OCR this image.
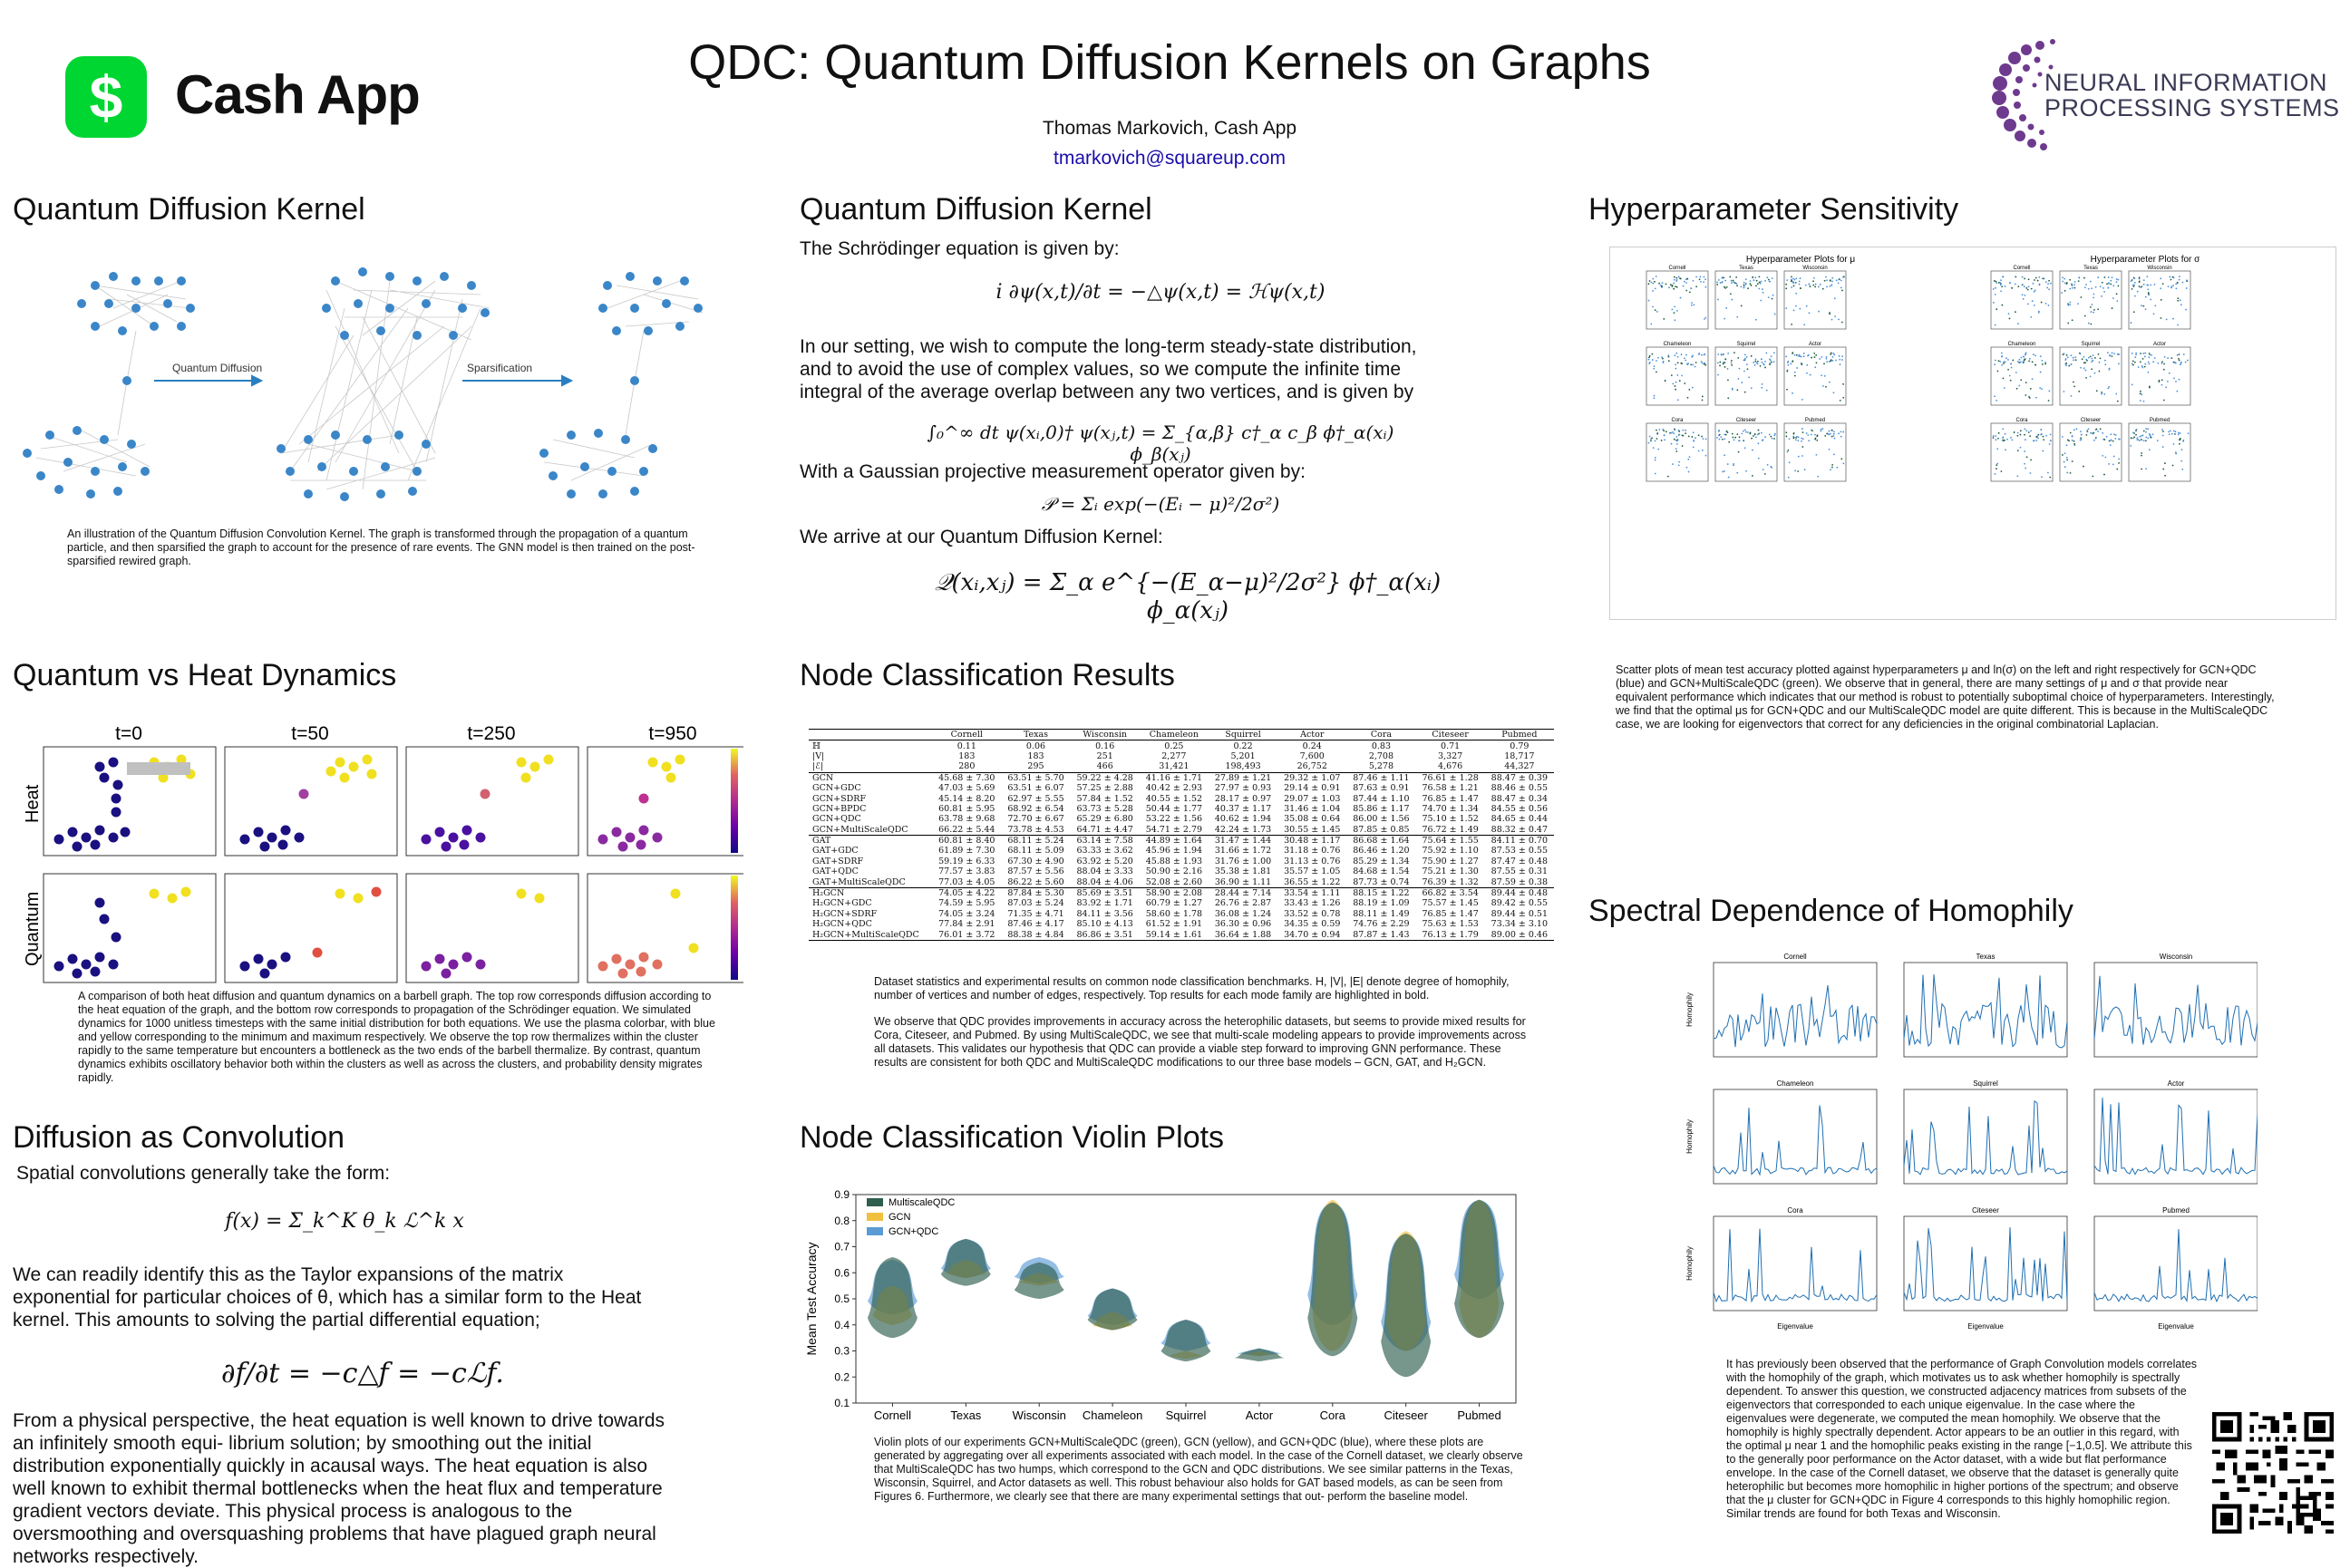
$ Cash App
QDC: Quantum Diffusion Kernels on Graphs
Thomas Markovich, Cash App
tmarkovich@squareup.com
NEURAL INFORMATION
PROCESSING SYSTEMS
Quantum Diffusion Kernel
Quantum Diffusion	Sparsification
An illustration of the Quantum Diffusion Convolution Kernel. The graph is transformed through the propagation of a quantum particle, and then sparsified the graph to account for the presence of rare events. The GNN model is then trained on the post-sparsified rewired graph.
Quantum vs Heat Dynamics
Heat
Quantum
t=0	t=50	t=250	t=950
A comparison of both heat diffusion and quantum dynamics on a barbell graph. The top row corresponds diffusion according to the heat equation of the graph, and the bottom row corresponds to propagation of the Schrödinger equation. We simulated dynamics for 1000 unitless timesteps with the same initial distribution for both equations. We use the plasma colorbar, with blue and yellow corresponding to the minimum and maximum respectively. We observe the top row thermalizes within the cluster rapidly to the same temperature but encounters a bottleneck as the two ends of the barbell thermalize. By contrast, quantum dynamics exhibits oscillatory behavior both within the clusters as well as across the clusters, and probability density migrates rapidly.
Diffusion as Convolution
Spatial convolutions generally take the form:
f(x) = Σ_k^K θ_k ℒ^k x
We can readily identify this as the Taylor expansions of the matrix exponential for particular choices of θ, which has a similar form to the Heat kernel. This amounts to solving the partial differential equation;
∂f/∂t = −c△f = −cℒf.
From a physical perspective, the heat equation is well known to drive towards an infinitely smooth equi- librium solution; by smoothing out the initial distribution exponentially quickly in acausal ways. The heat equation is also well known to exhibit thermal bottlenecks when the heat flux and temperature gradient vectors deviate. This physical process is analogous to the oversmoothing and oversquashing problems that have plagued graph neural networks respectively.
Quantum Diffusion Kernel
The Schrödinger equation is given by:
i ∂ψ(x,t)/∂t = −△ψ(x,t) = ℋψ(x,t)
In our setting, we wish to compute the long-term steady-state distribution, and to avoid the use of complex values, so we compute the infinite time integral of the average overlap between any two vertices, and is given by
∫₀^∞ dt ψ(xᵢ,0)† ψ(xⱼ,t) = Σ_{α,β} c†_α c_β ϕ†_α(xᵢ) ϕ_β(xⱼ)
With a Gaussian projective measurement operator given by:
𝒫 = Σᵢ exp(−(Eᵢ − μ)²/2σ²)
We arrive at our Quantum Diffusion Kernel:
𝒬(xᵢ,xⱼ) = Σ_α e^{−(E_α−μ)²/2σ²} ϕ†_α(xᵢ) ϕ_α(xⱼ)
Node Classification Results
	Cornell	Texas	Wisconsin	Chameleon	Squirrel	Actor	Cora	Citeseer	Pubmed
ℍ	0.11	0.06	0.16	0.25	0.22	0.24	0.83	0.71	0.79
|V|	183	183	251	2,277	5,201	7,600	2,708	3,327	18,717
|ℰ|	280	295	466	31,421	198,493	26,752	5,278	4,676	44,327
GCN	45.68 ± 7.30	63.51 ± 5.70	59.22 ± 4.28	41.16 ± 1.71	27.89 ± 1.21	29.32 ± 1.07	87.46 ± 1.11	76.61 ± 1.28	88.47 ± 0.39
GCN+GDC	47.03 ± 5.69	63.51 ± 6.07	57.25 ± 2.88	40.42 ± 2.93	27.97 ± 0.93	29.14 ± 0.91	87.63 ± 0.91	76.58 ± 1.21	88.46 ± 0.55
GCN+SDRF	45.14 ± 8.20	62.97 ± 5.55	57.84 ± 1.52	40.55 ± 1.52	28.17 ± 0.97	29.07 ± 1.03	87.44 ± 1.10	76.85 ± 1.47	88.47 ± 0.34
GCN+BPDC	60.81 ± 5.95	68.92 ± 6.54	63.73 ± 5.28	50.44 ± 1.77	40.37 ± 1.17	31.46 ± 1.04	85.86 ± 1.17	74.70 ± 1.34	84.55 ± 0.56
GCN+QDC	63.78 ± 9.68	72.70 ± 6.67	65.29 ± 6.80	53.22 ± 1.56	40.62 ± 1.94	35.08 ± 0.64	86.00 ± 1.56	75.10 ± 1.52	84.65 ± 0.44
GCN+MultiScaleQDC	66.22 ± 5.44	73.78 ± 4.53	64.71 ± 4.47	54.71 ± 2.79	42.24 ± 1.73	30.55 ± 1.45	87.85 ± 0.85	76.72 ± 1.49	88.32 ± 0.47
GAT	60.81 ± 8.40	68.11 ± 5.24	63.14 ± 7.58	44.89 ± 1.64	31.47 ± 1.44	30.48 ± 1.17	86.68 ± 1.64	75.64 ± 1.55	84.11 ± 0.70
GAT+GDC	61.89 ± 7.30	68.11 ± 5.09	63.33 ± 3.62	45.96 ± 1.94	31.66 ± 1.72	31.18 ± 0.76	86.46 ± 1.20	75.92 ± 1.10	87.53 ± 0.55
GAT+SDRF	59.19 ± 6.33	67.30 ± 4.90	63.92 ± 5.20	45.88 ± 1.93	31.76 ± 1.00	31.13 ± 0.76	85.29 ± 1.34	75.90 ± 1.27	87.47 ± 0.48
GAT+QDC	77.57 ± 3.83	87.57 ± 5.56	88.04 ± 3.33	50.90 ± 2.16	35.38 ± 1.81	35.57 ± 1.05	84.68 ± 1.54	75.21 ± 1.30	87.55 ± 0.31
GAT+MultiScaleQDC	77.03 ± 4.05	86.22 ± 5.60	88.04 ± 4.06	52.08 ± 2.60	36.90 ± 1.11	36.55 ± 1.22	87.73 ± 0.74	76.39 ± 1.32	87.59 ± 0.38
H₂GCN	74.05 ± 4.22	87.84 ± 5.30	85.69 ± 3.51	58.90 ± 2.08	28.44 ± 7.14	33.54 ± 1.11	88.15 ± 1.22	66.82 ± 3.54	89.44 ± 0.48
H₂GCN+GDC	74.59 ± 5.95	87.03 ± 5.24	83.92 ± 1.71	60.79 ± 1.27	26.76 ± 2.87	33.43 ± 1.26	88.19 ± 1.09	75.57 ± 1.45	89.42 ± 0.55
H₂GCN+SDRF	74.05 ± 3.24	71.35 ± 4.71	84.11 ± 3.56	58.60 ± 1.78	36.08 ± 1.24	33.52 ± 0.78	88.11 ± 1.49	76.85 ± 1.47	89.44 ± 0.51
H₂GCN+QDC	77.84 ± 2.91	87.46 ± 4.17	85.10 ± 4.13	61.52 ± 1.91	36.30 ± 0.96	34.35 ± 0.59	74.76 ± 2.29	75.63 ± 1.53	73.34 ± 3.10
H₂GCN+MultiScaleQDC	76.01 ± 3.72	88.38 ± 4.84	86.86 ± 3.51	59.14 ± 1.61	36.64 ± 1.88	34.70 ± 0.94	87.87 ± 1.43	76.13 ± 1.79	89.00 ± 0.46
Dataset statistics and experimental results on common node classification benchmarks. H, |V|, |E| denote degree of homophily, number of vertices and number of edges, respectively. Top results for each mode family are highlighted in bold.
We observe that QDC provides improvements in accuracy across the heterophilic datasets, but seems to provide mixed results for Cora, Citeseer, and Pubmed. By using MultiScaleQDC, we see that multi-scale modeling appears to provide improvements across all datasets. This validates our hypothesis that QDC can provide a viable step forward to improving GNN performance. These results are consistent for both QDC and MultiScaleQDC modifications to our three base models – GCN, GAT, and H₂GCN.
Node Classification Violin Plots
0.1
0.2
0.3
0.4
0.5
0.6
0.7
0.8
0.9
Mean Test Accuracy
Cornell	Texas	Wisconsin Chameleon Squirrel	Actor	Cora	Citeseer Pubmed
MultiscaleQDC
GCN
GCN+QDC
Violin plots of our experiments GCN+MultiScaleQDC (green), GCN (yellow), and GCN+QDC (blue), where these plots are generated by aggregating over all experiments associated with each model. In the case of the Cornell dataset, we clearly observe that MultiScaleQDC has two humps, which correspond to the GCN and QDC distributions. We see similar patterns in the Texas, Wisconsin, Squirrel, and Actor datasets as well. This robust behaviour also holds for GAT based models, as can be seen from Figures 6. Furthermore, we clearly see that there are many experimental settings that out- perform the baseline model.
Hyperparameter Sensitivity
Hyperparameter Plots for μ	Hyperparameter Plots for σ
Cornell	Texas	Wisconsin
Chameleon	Squirrel	Actor
Cora	Citeseer	Pubmed
Cornell	Texas	Wisconsin
Chameleon	Squirrel	Actor
Cora	Citeseer	Pubmed
Scatter plots of mean test accuracy plotted against hyperparameters μ and ln(σ) on the left and right respectively for GCN+QDC (blue) and GCN+MultiScaleQDC (green). We observe that in general, there are many settings of μ and σ that provide near equivalent performance which indicates that our method is robust to potentially suboptimal choice of hyperparameters. Interestingly, we find that the optimal μs for GCN+QDC and our MultiScaleQDC model are quite different. This is because in the MultiScaleQDC case, we are looking for eigenvectors that correct for any deficiencies in the original combinatorial Laplacian.
Spectral Dependence of Homophily
Cornell
Homophily
Texas	Wisconsin
Chameleon
Homophily
Squirrel	Actor
Cora
Homophily
Eigenvalue
Citeseer
Eigenvalue
Pubmed
Eigenvalue
It has previously been observed that the performance of Graph Convolution models correlates with the homophily of the graph, which motivates us to ask whether homophily is spectrally dependent. To answer this question, we constructed adjacency matrices from subsets of the eigenvectors that corresponded to each unique eigenvalue. In the case where the eigenvalues were degenerate, we computed the mean homophily. We observe that the homophily is highly spectrally dependent. Actor appears to be an outlier in this regard, with the optimal μ near 1 and the homophilic peaks existing in the range [−1,0.5]. We attribute this to the generally poor performance on the Actor dataset, with a wide but flat performance envelope. In the case of the Cornell dataset, we observe that the dataset is generally quite heterophilic but becomes more homophilic in higher portions of the spectrum; and observe that the μ cluster for GCN+QDC in Figure 4 corresponds to this highly homophilic region. Similar trends are found for both Texas and Wisconsin.
